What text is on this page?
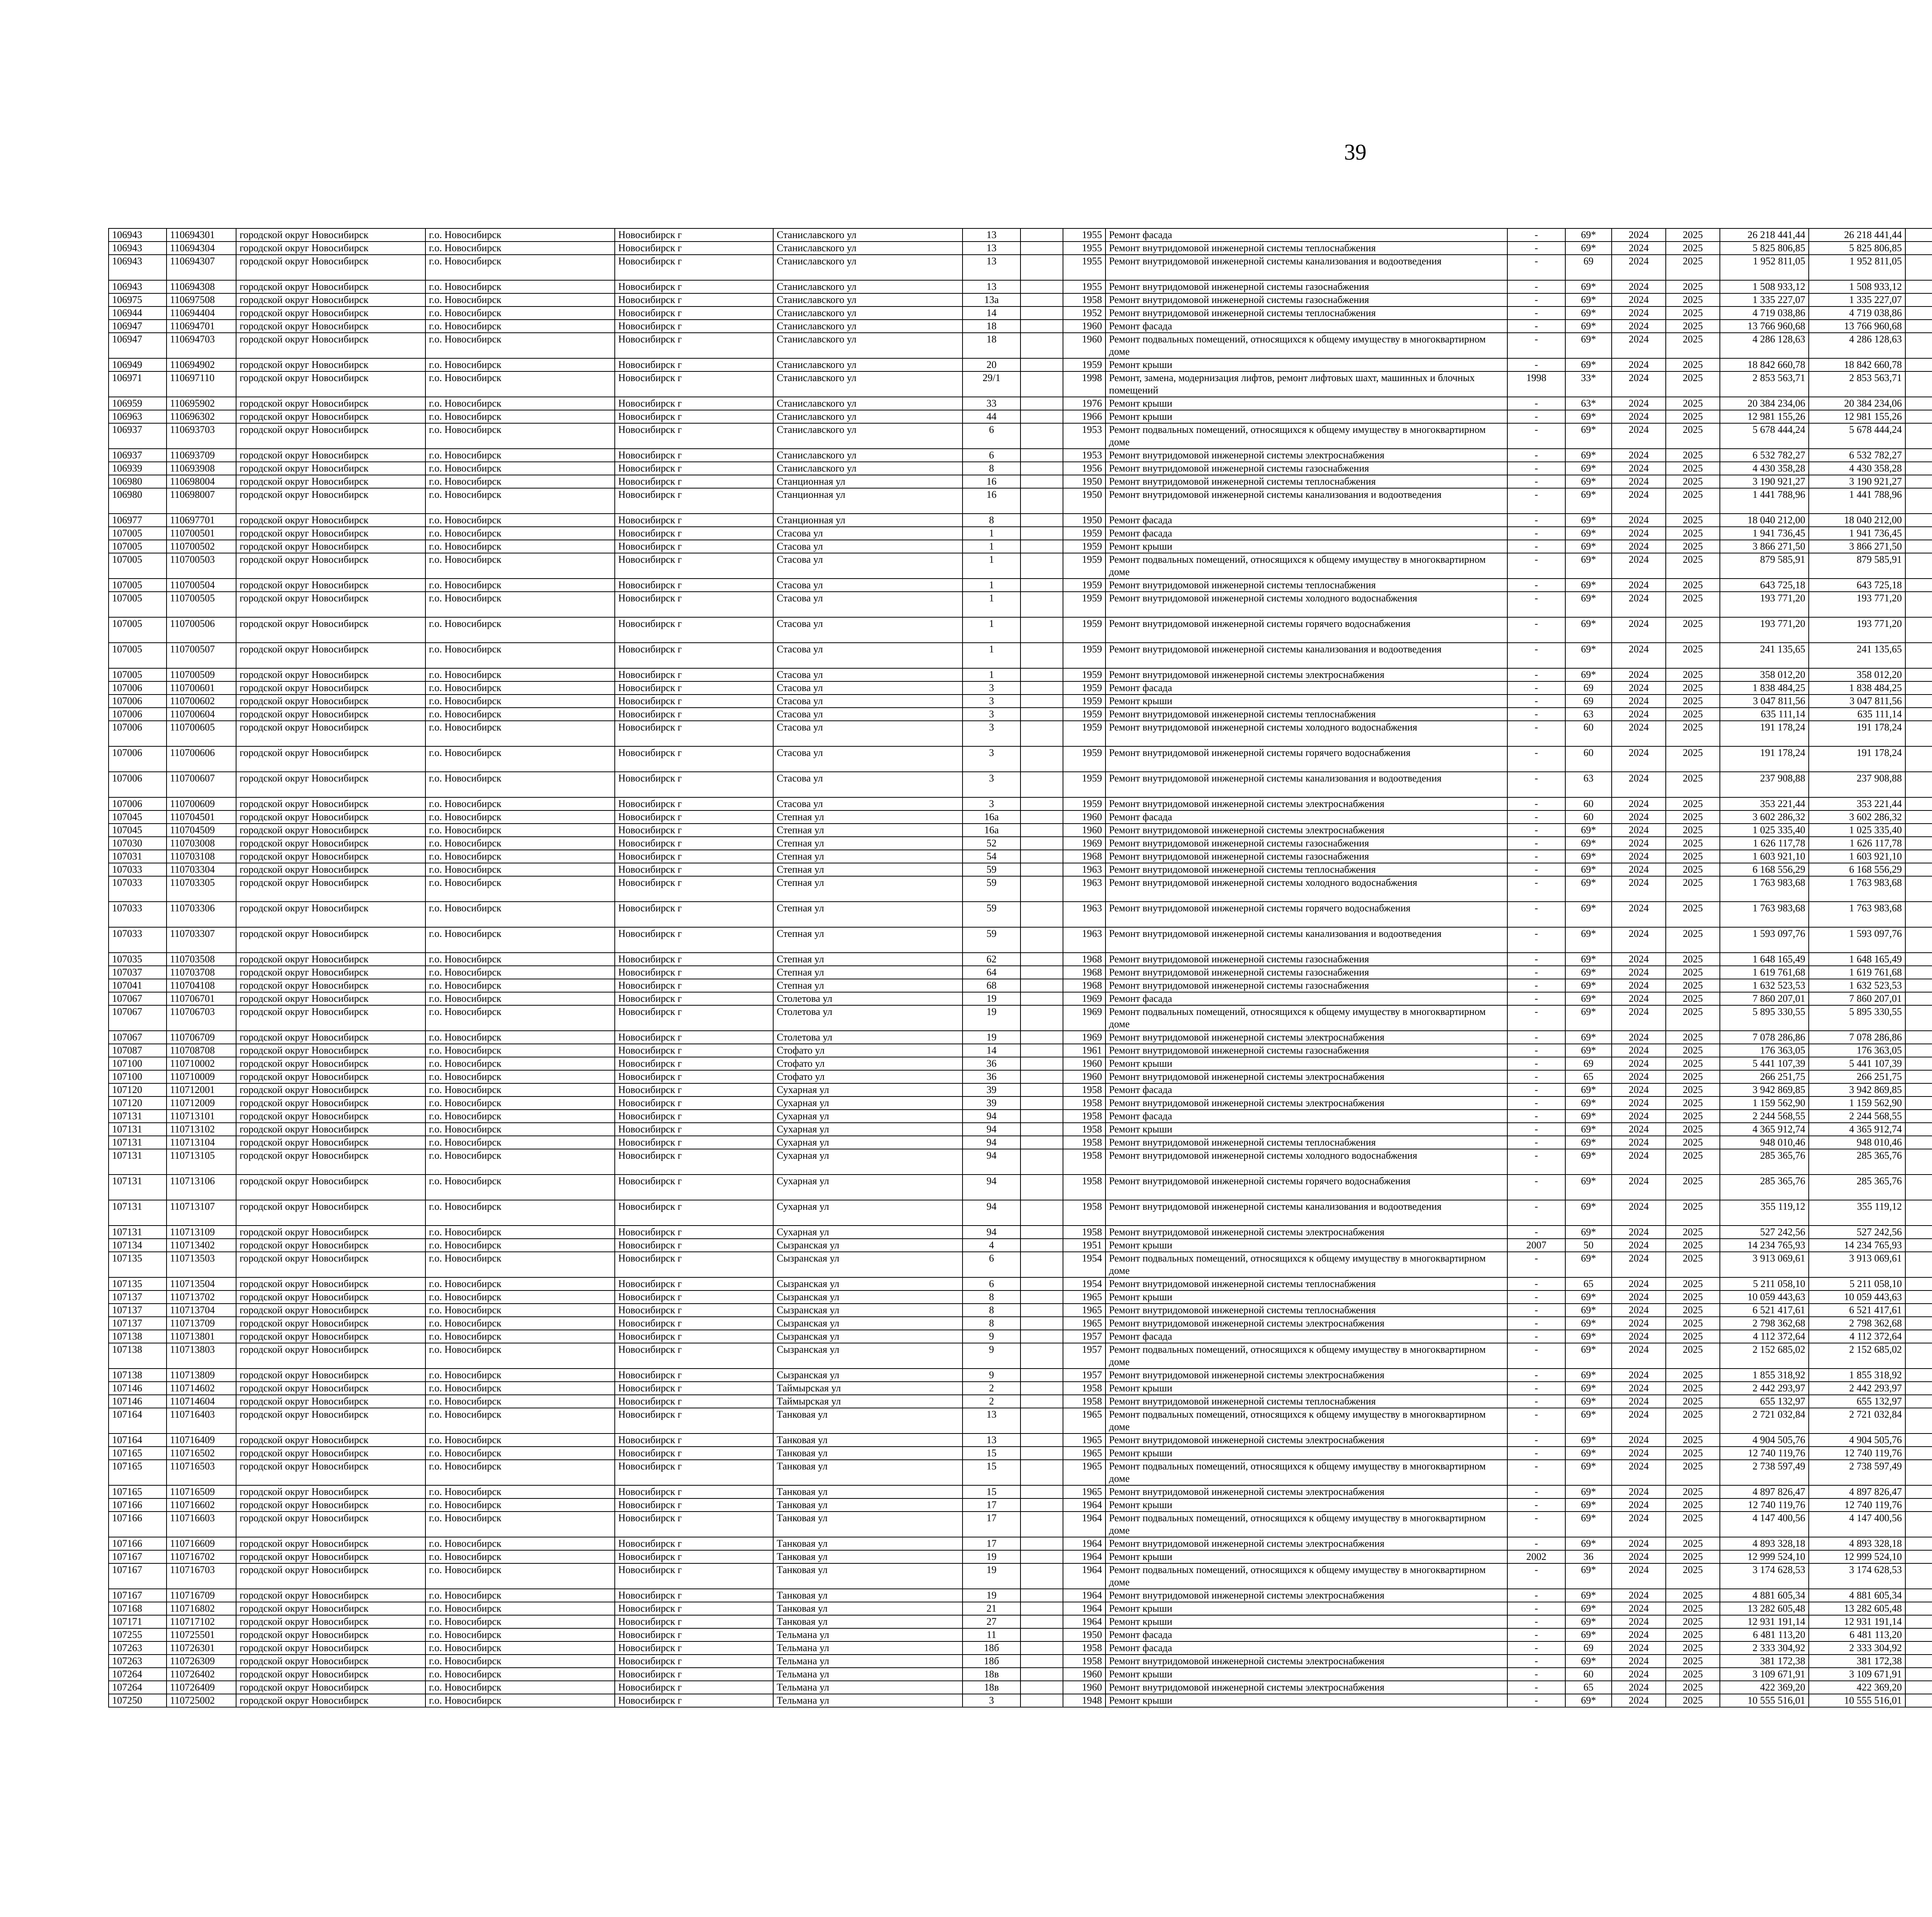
39
106943	110694301	городской округ Новосибирск	г.о. Новосибирск	Новосибирск г	Станиславского ул	13		1955	Ремонт фасада	-	69*	2024	2025	26 218 441,44	26 218 441,44							
106943	110694304	городской округ Новосибирск	г.о. Новосибирск	Новосибирск г	Станиславского ул	13		1955	Ремонт внутридомовой инженерной системы теплоснабжения	-	69*	2024	2025	5 825 806,85	5 825 806,85							
106943	110694307	городской округ Новосибирск	г.о. Новосибирск	Новосибирск г	Станиславского ул	13		1955	Ремонт внутридомовой инженерной системы канализования и водоотведения	-	69	2024	2025	1 952 811,05	1 952 811,05							
106943	110694308	городской округ Новосибирск	г.о. Новосибирск	Новосибирск г	Станиславского ул	13		1955	Ремонт внутридомовой инженерной системы газоснабжения	-	69*	2024	2025	1 508 933,12	1 508 933,12							
106975	110697508	городской округ Новосибирск	г.о. Новосибирск	Новосибирск г	Станиславского ул	13а		1958	Ремонт внутридомовой инженерной системы газоснабжения	-	69*	2024	2025	1 335 227,07	1 335 227,07							
106944	110694404	городской округ Новосибирск	г.о. Новосибирск	Новосибирск г	Станиславского ул	14		1952	Ремонт внутридомовой инженерной системы теплоснабжения	-	69*	2024	2025	4 719 038,86	4 719 038,86							
106947	110694701	городской округ Новосибирск	г.о. Новосибирск	Новосибирск г	Станиславского ул	18		1960	Ремонт фасада	-	69*	2024	2025	13 766 960,68	13 766 960,68							
106947	110694703	городской округ Новосибирск	г.о. Новосибирск	Новосибирск г	Станиславского ул	18		1960	Ремонт подвальных помещений, относящихся к общему имуществу в многоквартирном доме	-	69*	2024	2025	4 286 128,63	4 286 128,63							
106949	110694902	городской округ Новосибирск	г.о. Новосибирск	Новосибирск г	Станиславского ул	20		1959	Ремонт крыши	-	69*	2024	2025	18 842 660,78	18 842 660,78							
106971	110697110	городской округ Новосибирск	г.о. Новосибирск	Новосибирск г	Станиславского ул	29/1		1998	Ремонт, замена, модернизация лифтов, ремонт лифтовых шахт, машинных и блочных помещений	1998	33*	2024	2025	2 853 563,71	2 853 563,71							
106959	110695902	городской округ Новосибирск	г.о. Новосибирск	Новосибирск г	Станиславского ул	33		1976	Ремонт крыши	-	63*	2024	2025	20 384 234,06	20 384 234,06							
106963	110696302	городской округ Новосибирск	г.о. Новосибирск	Новосибирск г	Станиславского ул	44		1966	Ремонт крыши	-	69*	2024	2025	12 981 155,26	12 981 155,26							
106937	110693703	городской округ Новосибирск	г.о. Новосибирск	Новосибирск г	Станиславского ул	6		1953	Ремонт подвальных помещений, относящихся к общему имуществу в многоквартирном доме	-	69*	2024	2025	5 678 444,24	5 678 444,24							
106937	110693709	городской округ Новосибирск	г.о. Новосибирск	Новосибирск г	Станиславского ул	6		1953	Ремонт внутридомовой инженерной системы электроснабжения	-	69*	2024	2025	6 532 782,27	6 532 782,27							
106939	110693908	городской округ Новосибирск	г.о. Новосибирск	Новосибирск г	Станиславского ул	8		1956	Ремонт внутридомовой инженерной системы газоснабжения	-	69*	2024	2025	4 430 358,28	4 430 358,28							
106980	110698004	городской округ Новосибирск	г.о. Новосибирск	Новосибирск г	Станционная ул	16		1950	Ремонт внутридомовой инженерной системы теплоснабжения	-	69*	2024	2025	3 190 921,27	3 190 921,27							
106980	110698007	городской округ Новосибирск	г.о. Новосибирск	Новосибирск г	Станционная ул	16		1950	Ремонт внутридомовой инженерной системы канализования и водоотведения	-	69*	2024	2025	1 441 788,96	1 441 788,96							
106977	110697701	городской округ Новосибирск	г.о. Новосибирск	Новосибирск г	Станционная ул	8		1950	Ремонт фасада	-	69*	2024	2025	18 040 212,00	18 040 212,00							
107005	110700501	городской округ Новосибирск	г.о. Новосибирск	Новосибирск г	Стасова ул	1		1959	Ремонт фасада	-	69*	2024	2025	1 941 736,45	1 941 736,45							
107005	110700502	городской округ Новосибирск	г.о. Новосибирск	Новосибирск г	Стасова ул	1		1959	Ремонт крыши	-	69*	2024	2025	3 866 271,50	3 866 271,50							
107005	110700503	городской округ Новосибирск	г.о. Новосибирск	Новосибирск г	Стасова ул	1		1959	Ремонт подвальных помещений, относящихся к общему имуществу в многоквартирном доме	-	69*	2024	2025	879 585,91	879 585,91							
107005	110700504	городской округ Новосибирск	г.о. Новосибирск	Новосибирск г	Стасова ул	1		1959	Ремонт внутридомовой инженерной системы теплоснабжения	-	69*	2024	2025	643 725,18	643 725,18							
107005	110700505	городской округ Новосибирск	г.о. Новосибирск	Новосибирск г	Стасова ул	1		1959	Ремонт внутридомовой инженерной системы холодного водоснабжения	-	69*	2024	2025	193 771,20	193 771,20							
107005	110700506	городской округ Новосибирск	г.о. Новосибирск	Новосибирск г	Стасова ул	1		1959	Ремонт внутридомовой инженерной системы горячего водоснабжения	-	69*	2024	2025	193 771,20	193 771,20							
107005	110700507	городской округ Новосибирск	г.о. Новосибирск	Новосибирск г	Стасова ул	1		1959	Ремонт внутридомовой инженерной системы канализования и водоотведения	-	69*	2024	2025	241 135,65	241 135,65							
107005	110700509	городской округ Новосибирск	г.о. Новосибирск	Новосибирск г	Стасова ул	1		1959	Ремонт внутридомовой инженерной системы электроснабжения	-	69*	2024	2025	358 012,20	358 012,20							
107006	110700601	городской округ Новосибирск	г.о. Новосибирск	Новосибирск г	Стасова ул	3		1959	Ремонт фасада	-	69	2024	2025	1 838 484,25	1 838 484,25							
107006	110700602	городской округ Новосибирск	г.о. Новосибирск	Новосибирск г	Стасова ул	3		1959	Ремонт крыши	-	69	2024	2025	3 047 811,56	3 047 811,56							
107006	110700604	городской округ Новосибирск	г.о. Новосибирск	Новосибирск г	Стасова ул	3		1959	Ремонт внутридомовой инженерной системы теплоснабжения	-	63	2024	2025	635 111,14	635 111,14							
107006	110700605	городской округ Новосибирск	г.о. Новосибирск	Новосибирск г	Стасова ул	3		1959	Ремонт внутридомовой инженерной системы холодного водоснабжения	-	60	2024	2025	191 178,24	191 178,24							
107006	110700606	городской округ Новосибирск	г.о. Новосибирск	Новосибирск г	Стасова ул	3		1959	Ремонт внутридомовой инженерной системы горячего водоснабжения	-	60	2024	2025	191 178,24	191 178,24							
107006	110700607	городской округ Новосибирск	г.о. Новосибирск	Новосибирск г	Стасова ул	3		1959	Ремонт внутридомовой инженерной системы канализования и водоотведения	-	63	2024	2025	237 908,88	237 908,88							
107006	110700609	городской округ Новосибирск	г.о. Новосибирск	Новосибирск г	Стасова ул	3		1959	Ремонт внутридомовой инженерной системы электроснабжения	-	60	2024	2025	353 221,44	353 221,44							
107045	110704501	городской округ Новосибирск	г.о. Новосибирск	Новосибирск г	Степная ул	16а		1960	Ремонт фасада	-	60	2024	2025	3 602 286,32	3 602 286,32							
107045	110704509	городской округ Новосибирск	г.о. Новосибирск	Новосибирск г	Степная ул	16а		1960	Ремонт внутридомовой инженерной системы электроснабжения	-	69*	2024	2025	1 025 335,40	1 025 335,40							
107030	110703008	городской округ Новосибирск	г.о. Новосибирск	Новосибирск г	Степная ул	52		1969	Ремонт внутридомовой инженерной системы газоснабжения	-	69*	2024	2025	1 626 117,78	1 626 117,78							
107031	110703108	городской округ Новосибирск	г.о. Новосибирск	Новосибирск г	Степная ул	54		1968	Ремонт внутридомовой инженерной системы газоснабжения	-	69*	2024	2025	1 603 921,10	1 603 921,10							
107033	110703304	городской округ Новосибирск	г.о. Новосибирск	Новосибирск г	Степная ул	59		1963	Ремонт внутридомовой инженерной системы теплоснабжения	-	69*	2024	2025	6 168 556,29	6 168 556,29							
107033	110703305	городской округ Новосибирск	г.о. Новосибирск	Новосибирск г	Степная ул	59		1963	Ремонт внутридомовой инженерной системы холодного водоснабжения	-	69*	2024	2025	1 763 983,68	1 763 983,68							
107033	110703306	городской округ Новосибирск	г.о. Новосибирск	Новосибирск г	Степная ул	59		1963	Ремонт внутридомовой инженерной системы горячего водоснабжения	-	69*	2024	2025	1 763 983,68	1 763 983,68							
107033	110703307	городской округ Новосибирск	г.о. Новосибирск	Новосибирск г	Степная ул	59		1963	Ремонт внутридомовой инженерной системы канализования и водоотведения	-	69*	2024	2025	1 593 097,76	1 593 097,76							
107035	110703508	городской округ Новосибирск	г.о. Новосибирск	Новосибирск г	Степная ул	62		1968	Ремонт внутридомовой инженерной системы газоснабжения	-	69*	2024	2025	1 648 165,49	1 648 165,49							
107037	110703708	городской округ Новосибирск	г.о. Новосибирск	Новосибирск г	Степная ул	64		1968	Ремонт внутридомовой инженерной системы газоснабжения	-	69*	2024	2025	1 619 761,68	1 619 761,68							
107041	110704108	городской округ Новосибирск	г.о. Новосибирск	Новосибирск г	Степная ул	68		1968	Ремонт внутридомовой инженерной системы газоснабжения	-	69*	2024	2025	1 632 523,53	1 632 523,53							
107067	110706701	городской округ Новосибирск	г.о. Новосибирск	Новосибирск г	Столетова ул	19		1969	Ремонт фасада	-	69*	2024	2025	7 860 207,01	7 860 207,01							
107067	110706703	городской округ Новосибирск	г.о. Новосибирск	Новосибирск г	Столетова ул	19		1969	Ремонт подвальных помещений, относящихся к общему имуществу в многоквартирном доме	-	69*	2024	2025	5 895 330,55	5 895 330,55							
107067	110706709	городской округ Новосибирск	г.о. Новосибирск	Новосибирск г	Столетова ул	19		1969	Ремонт внутридомовой инженерной системы электроснабжения	-	69*	2024	2025	7 078 286,86	7 078 286,86							
107087	110708708	городской округ Новосибирск	г.о. Новосибирск	Новосибирск г	Стофато ул	14		1961	Ремонт внутридомовой инженерной системы газоснабжения	-	69*	2024	2025	176 363,05	176 363,05							
107100	110710002	городской округ Новосибирск	г.о. Новосибирск	Новосибирск г	Стофато ул	36		1960	Ремонт крыши	-	69	2024	2025	5 441 107,39	5 441 107,39							
107100	110710009	городской округ Новосибирск	г.о. Новосибирск	Новосибирск г	Стофато ул	36		1960	Ремонт внутридомовой инженерной системы электроснабжения	-	65	2024	2025	266 251,75	266 251,75							
107120	110712001	городской округ Новосибирск	г.о. Новосибирск	Новосибирск г	Сухарная ул	39		1958	Ремонт фасада	-	69*	2024	2025	3 942 869,85	3 942 869,85							
107120	110712009	городской округ Новосибирск	г.о. Новосибирск	Новосибирск г	Сухарная ул	39		1958	Ремонт внутридомовой инженерной системы электроснабжения	-	69*	2024	2025	1 159 562,90	1 159 562,90							
107131	110713101	городской округ Новосибирск	г.о. Новосибирск	Новосибирск г	Сухарная ул	94		1958	Ремонт фасада	-	69*	2024	2025	2 244 568,55	2 244 568,55							
107131	110713102	городской округ Новосибирск	г.о. Новосибирск	Новосибирск г	Сухарная ул	94		1958	Ремонт крыши	-	69*	2024	2025	4 365 912,74	4 365 912,74							
107131	110713104	городской округ Новосибирск	г.о. Новосибирск	Новосибирск г	Сухарная ул	94		1958	Ремонт внутридомовой инженерной системы теплоснабжения	-	69*	2024	2025	948 010,46	948 010,46							
107131	110713105	городской округ Новосибирск	г.о. Новосибирск	Новосибирск г	Сухарная ул	94		1958	Ремонт внутридомовой инженерной системы холодного водоснабжения	-	69*	2024	2025	285 365,76	285 365,76							
107131	110713106	городской округ Новосибирск	г.о. Новосибирск	Новосибирск г	Сухарная ул	94		1958	Ремонт внутридомовой инженерной системы горячего водоснабжения	-	69*	2024	2025	285 365,76	285 365,76							
107131	110713107	городской округ Новосибирск	г.о. Новосибирск	Новосибирск г	Сухарная ул	94		1958	Ремонт внутридомовой инженерной системы канализования и водоотведения	-	69*	2024	2025	355 119,12	355 119,12							
107131	110713109	городской округ Новосибирск	г.о. Новосибирск	Новосибирск г	Сухарная ул	94		1958	Ремонт внутридомовой инженерной системы электроснабжения	-	69*	2024	2025	527 242,56	527 242,56							
107134	110713402	городской округ Новосибирск	г.о. Новосибирск	Новосибирск г	Сызранская ул	4		1951	Ремонт крыши	2007	50	2024	2025	14 234 765,93	14 234 765,93							
107135	110713503	городской округ Новосибирск	г.о. Новосибирск	Новосибирск г	Сызранская ул	6		1954	Ремонт подвальных помещений, относящихся к общему имуществу в многоквартирном доме	-	69*	2024	2025	3 913 069,61	3 913 069,61							
107135	110713504	городской округ Новосибирск	г.о. Новосибирск	Новосибирск г	Сызранская ул	6		1954	Ремонт внутридомовой инженерной системы теплоснабжения	-	65	2024	2025	5 211 058,10	5 211 058,10							
107137	110713702	городской округ Новосибирск	г.о. Новосибирск	Новосибирск г	Сызранская ул	8		1965	Ремонт крыши	-	69*	2024	2025	10 059 443,63	10 059 443,63							
107137	110713704	городской округ Новосибирск	г.о. Новосибирск	Новосибирск г	Сызранская ул	8		1965	Ремонт внутридомовой инженерной системы теплоснабжения	-	69*	2024	2025	6 521 417,61	6 521 417,61							
107137	110713709	городской округ Новосибирск	г.о. Новосибирск	Новосибирск г	Сызранская ул	8		1965	Ремонт внутридомовой инженерной системы электроснабжения	-	69*	2024	2025	2 798 362,68	2 798 362,68							
107138	110713801	городской округ Новосибирск	г.о. Новосибирск	Новосибирск г	Сызранская ул	9		1957	Ремонт фасада	-	69*	2024	2025	4 112 372,64	4 112 372,64							
107138	110713803	городской округ Новосибирск	г.о. Новосибирск	Новосибирск г	Сызранская ул	9		1957	Ремонт подвальных помещений, относящихся к общему имуществу в многоквартирном доме	-	69*	2024	2025	2 152 685,02	2 152 685,02							
107138	110713809	городской округ Новосибирск	г.о. Новосибирск	Новосибирск г	Сызранская ул	9		1957	Ремонт внутридомовой инженерной системы электроснабжения	-	69*	2024	2025	1 855 318,92	1 855 318,92							
107146	110714602	городской округ Новосибирск	г.о. Новосибирск	Новосибирск г	Таймырская ул	2		1958	Ремонт крыши	-	69*	2024	2025	2 442 293,97	2 442 293,97							
107146	110714604	городской округ Новосибирск	г.о. Новосибирск	Новосибирск г	Таймырская ул	2		1958	Ремонт внутридомовой инженерной системы теплоснабжения	-	69*	2024	2025	655 132,97	655 132,97							
107164	110716403	городской округ Новосибирск	г.о. Новосибирск	Новосибирск г	Танковая ул	13		1965	Ремонт подвальных помещений, относящихся к общему имуществу в многоквартирном доме	-	69*	2024	2025	2 721 032,84	2 721 032,84							
107164	110716409	городской округ Новосибирск	г.о. Новосибирск	Новосибирск г	Танковая ул	13		1965	Ремонт внутридомовой инженерной системы электроснабжения	-	69*	2024	2025	4 904 505,76	4 904 505,76							
107165	110716502	городской округ Новосибирск	г.о. Новосибирск	Новосибирск г	Танковая ул	15		1965	Ремонт крыши	-	69*	2024	2025	12 740 119,76	12 740 119,76							
107165	110716503	городской округ Новосибирск	г.о. Новосибирск	Новосибирск г	Танковая ул	15		1965	Ремонт подвальных помещений, относящихся к общему имуществу в многоквартирном доме	-	69*	2024	2025	2 738 597,49	2 738 597,49							
107165	110716509	городской округ Новосибирск	г.о. Новосибирск	Новосибирск г	Танковая ул	15		1965	Ремонт внутридомовой инженерной системы электроснабжения	-	69*	2024	2025	4 897 826,47	4 897 826,47							
107166	110716602	городской округ Новосибирск	г.о. Новосибирск	Новосибирск г	Танковая ул	17		1964	Ремонт крыши	-	69*	2024	2025	12 740 119,76	12 740 119,76							
107166	110716603	городской округ Новосибирск	г.о. Новосибирск	Новосибирск г	Танковая ул	17		1964	Ремонт подвальных помещений, относящихся к общему имуществу в многоквартирном доме	-	69*	2024	2025	4 147 400,56	4 147 400,56							
107166	110716609	городской округ Новосибирск	г.о. Новосибирск	Новосибирск г	Танковая ул	17		1964	Ремонт внутридомовой инженерной системы электроснабжения	-	69*	2024	2025	4 893 328,18	4 893 328,18							
107167	110716702	городской округ Новосибирск	г.о. Новосибирск	Новосибирск г	Танковая ул	19		1964	Ремонт крыши	2002	36	2024	2025	12 999 524,10	12 999 524,10							
107167	110716703	городской округ Новосибирск	г.о. Новосибирск	Новосибирск г	Танковая ул	19		1964	Ремонт подвальных помещений, относящихся к общему имуществу в многоквартирном доме	-	69*	2024	2025	3 174 628,53	3 174 628,53							
107167	110716709	городской округ Новосибирск	г.о. Новосибирск	Новосибирск г	Танковая ул	19		1964	Ремонт внутридомовой инженерной системы электроснабжения	-	69*	2024	2025	4 881 605,34	4 881 605,34							
107168	110716802	городской округ Новосибирск	г.о. Новосибирск	Новосибирск г	Танковая ул	21		1964	Ремонт крыши	-	69*	2024	2025	13 282 605,48	13 282 605,48							
107171	110717102	городской округ Новосибирск	г.о. Новосибирск	Новосибирск г	Танковая ул	27		1964	Ремонт крыши	-	69*	2024	2025	12 931 191,14	12 931 191,14							
107255	110725501	городской округ Новосибирск	г.о. Новосибирск	Новосибирск г	Тельмана ул	11		1950	Ремонт фасада	-	69*	2024	2025	6 481 113,20	6 481 113,20							
107263	110726301	городской округ Новосибирск	г.о. Новосибирск	Новосибирск г	Тельмана ул	18б		1958	Ремонт фасада	-	69	2024	2025	2 333 304,92	2 333 304,92							
107263	110726309	городской округ Новосибирск	г.о. Новосибирск	Новосибирск г	Тельмана ул	18б		1958	Ремонт внутридомовой инженерной системы электроснабжения	-	69*	2024	2025	381 172,38	381 172,38							
107264	110726402	городской округ Новосибирск	г.о. Новосибирск	Новосибирск г	Тельмана ул	18в		1960	Ремонт крыши	-	60	2024	2025	3 109 671,91	3 109 671,91							
107264	110726409	городской округ Новосибирск	г.о. Новосибирск	Новосибирск г	Тельмана ул	18в		1960	Ремонт внутридомовой инженерной системы электроснабжения	-	65	2024	2025	422 369,20	422 369,20							
107250	110725002	городской округ Новосибирск	г.о. Новосибирск	Новосибирск г	Тельмана ул	3		1948	Ремонт крыши	-	69*	2024	2025	10 555 516,01	10 555 516,01							
